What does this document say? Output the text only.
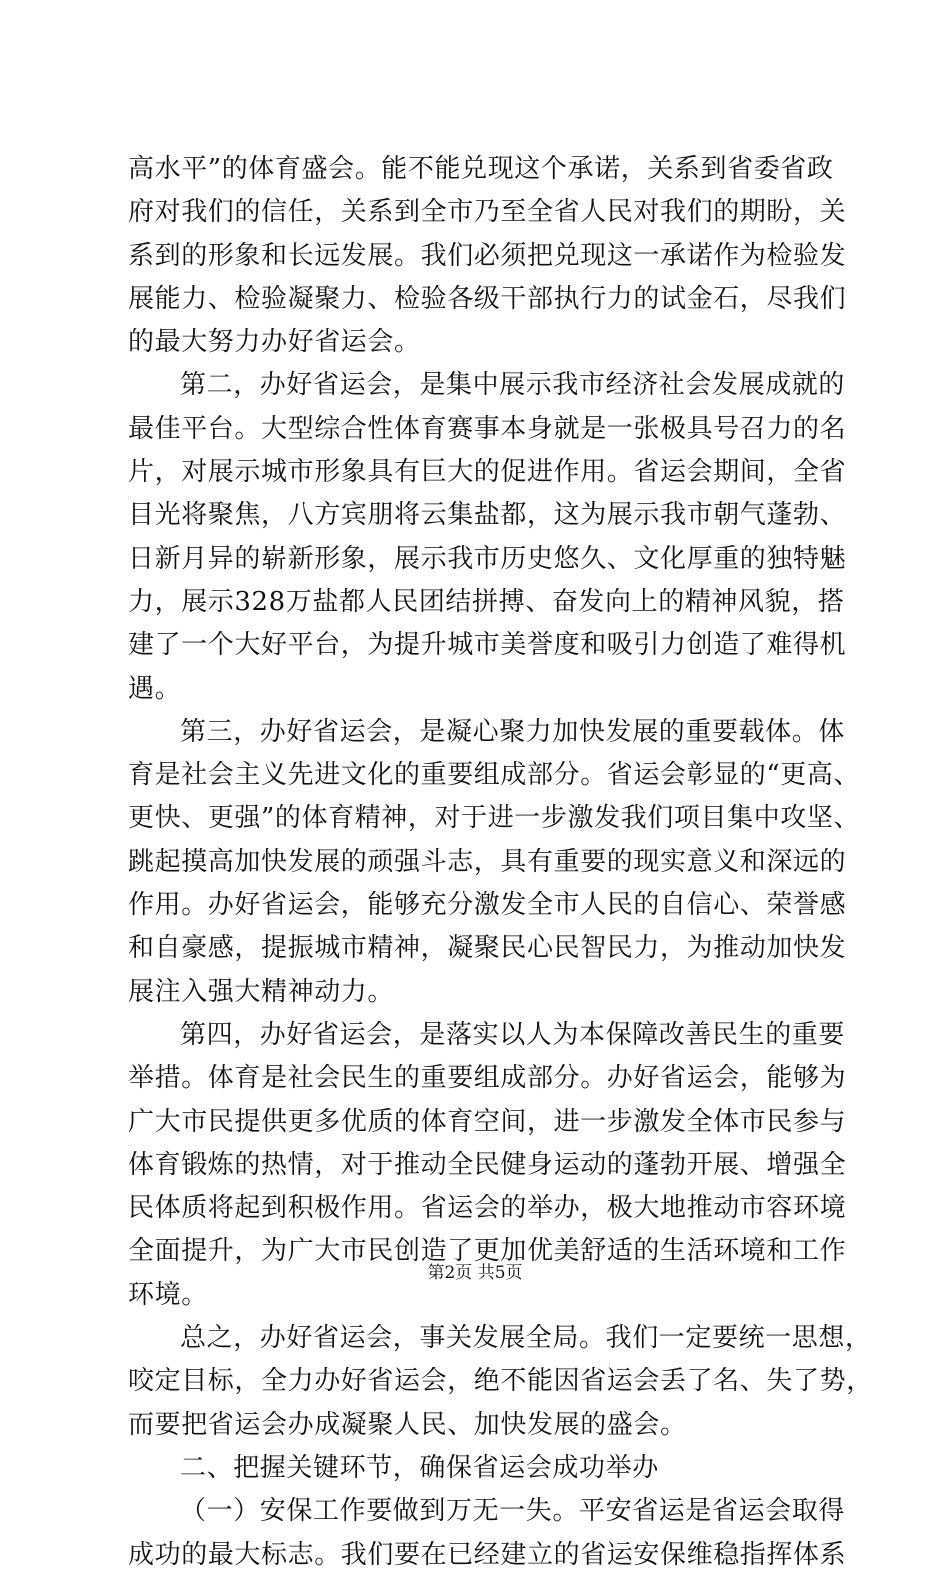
高水平”的体育盛会。能不能兑现这个承诺，关系到省委省政
府对我们的信任，关系到全市乃至全省人民对我们的期盼，关
系到的形象和长远发展。我们必须把兑现这一承诺作为检验发
展能力、检验凝聚力、检验各级干部执行力的试金石，尽我们
的最大努力办好省运会。
第二，办好省运会，是集中展示我市经济社会发展成就的
最佳平台。大型综合性体育赛事本身就是一张极具号召力的名
片，对展示城市形象具有巨大的促进作用。省运会期间，全省
目光将聚焦，八方宾朋将云集盐都，这为展示我市朝气蓬勃、
日新月异的崭新形象，展示我市历史悠久、文化厚重的独特魅
力，展示328万盐都人民团结拼搏、奋发向上的精神风貌，搭
建了一个大好平台，为提升城市美誉度和吸引力创造了难得机
遇。
第三，办好省运会，是凝心聚力加快发展的重要载体。体
育是社会主义先进文化的重要组成部分。省运会彰显的“更高、
更快、更强”的体育精神，对于进一步激发我们项目集中攻坚、
跳起摸高加快发展的顽强斗志，具有重要的现实意义和深远的
作用。办好省运会，能够充分激发全市人民的自信心、荣誉感
和自豪感，提振城市精神，凝聚民心民智民力，为推动加快发
展注入强大精神动力。
第四，办好省运会，是落实以人为本保障改善民生的重要
举措。体育是社会民生的重要组成部分。办好省运会，能够为
广大市民提供更多优质的体育空间，进一步激发全体市民参与
体育锻炼的热情，对于推动全民健身运动的蓬勃开展、增强全
民体质将起到积极作用。省运会的举办，极大地推动市容环境
全面提升，为广大市民创造了更加优美舒适的生活环境和工作
环境。
总之，办好省运会，事关发展全局。我们一定要统一思想，
咬定目标，全力办好省运会，绝不能因省运会丢了名、失了势，
而要把省运会办成凝聚人民、加快发展的盛会。
二、把握关键环节，确保省运会成功举办
（一）安保工作要做到万无一失。平安省运是省运会取得
成功的最大标志。我们要在已经建立的省运安保维稳指挥体系
第2页 共5页
